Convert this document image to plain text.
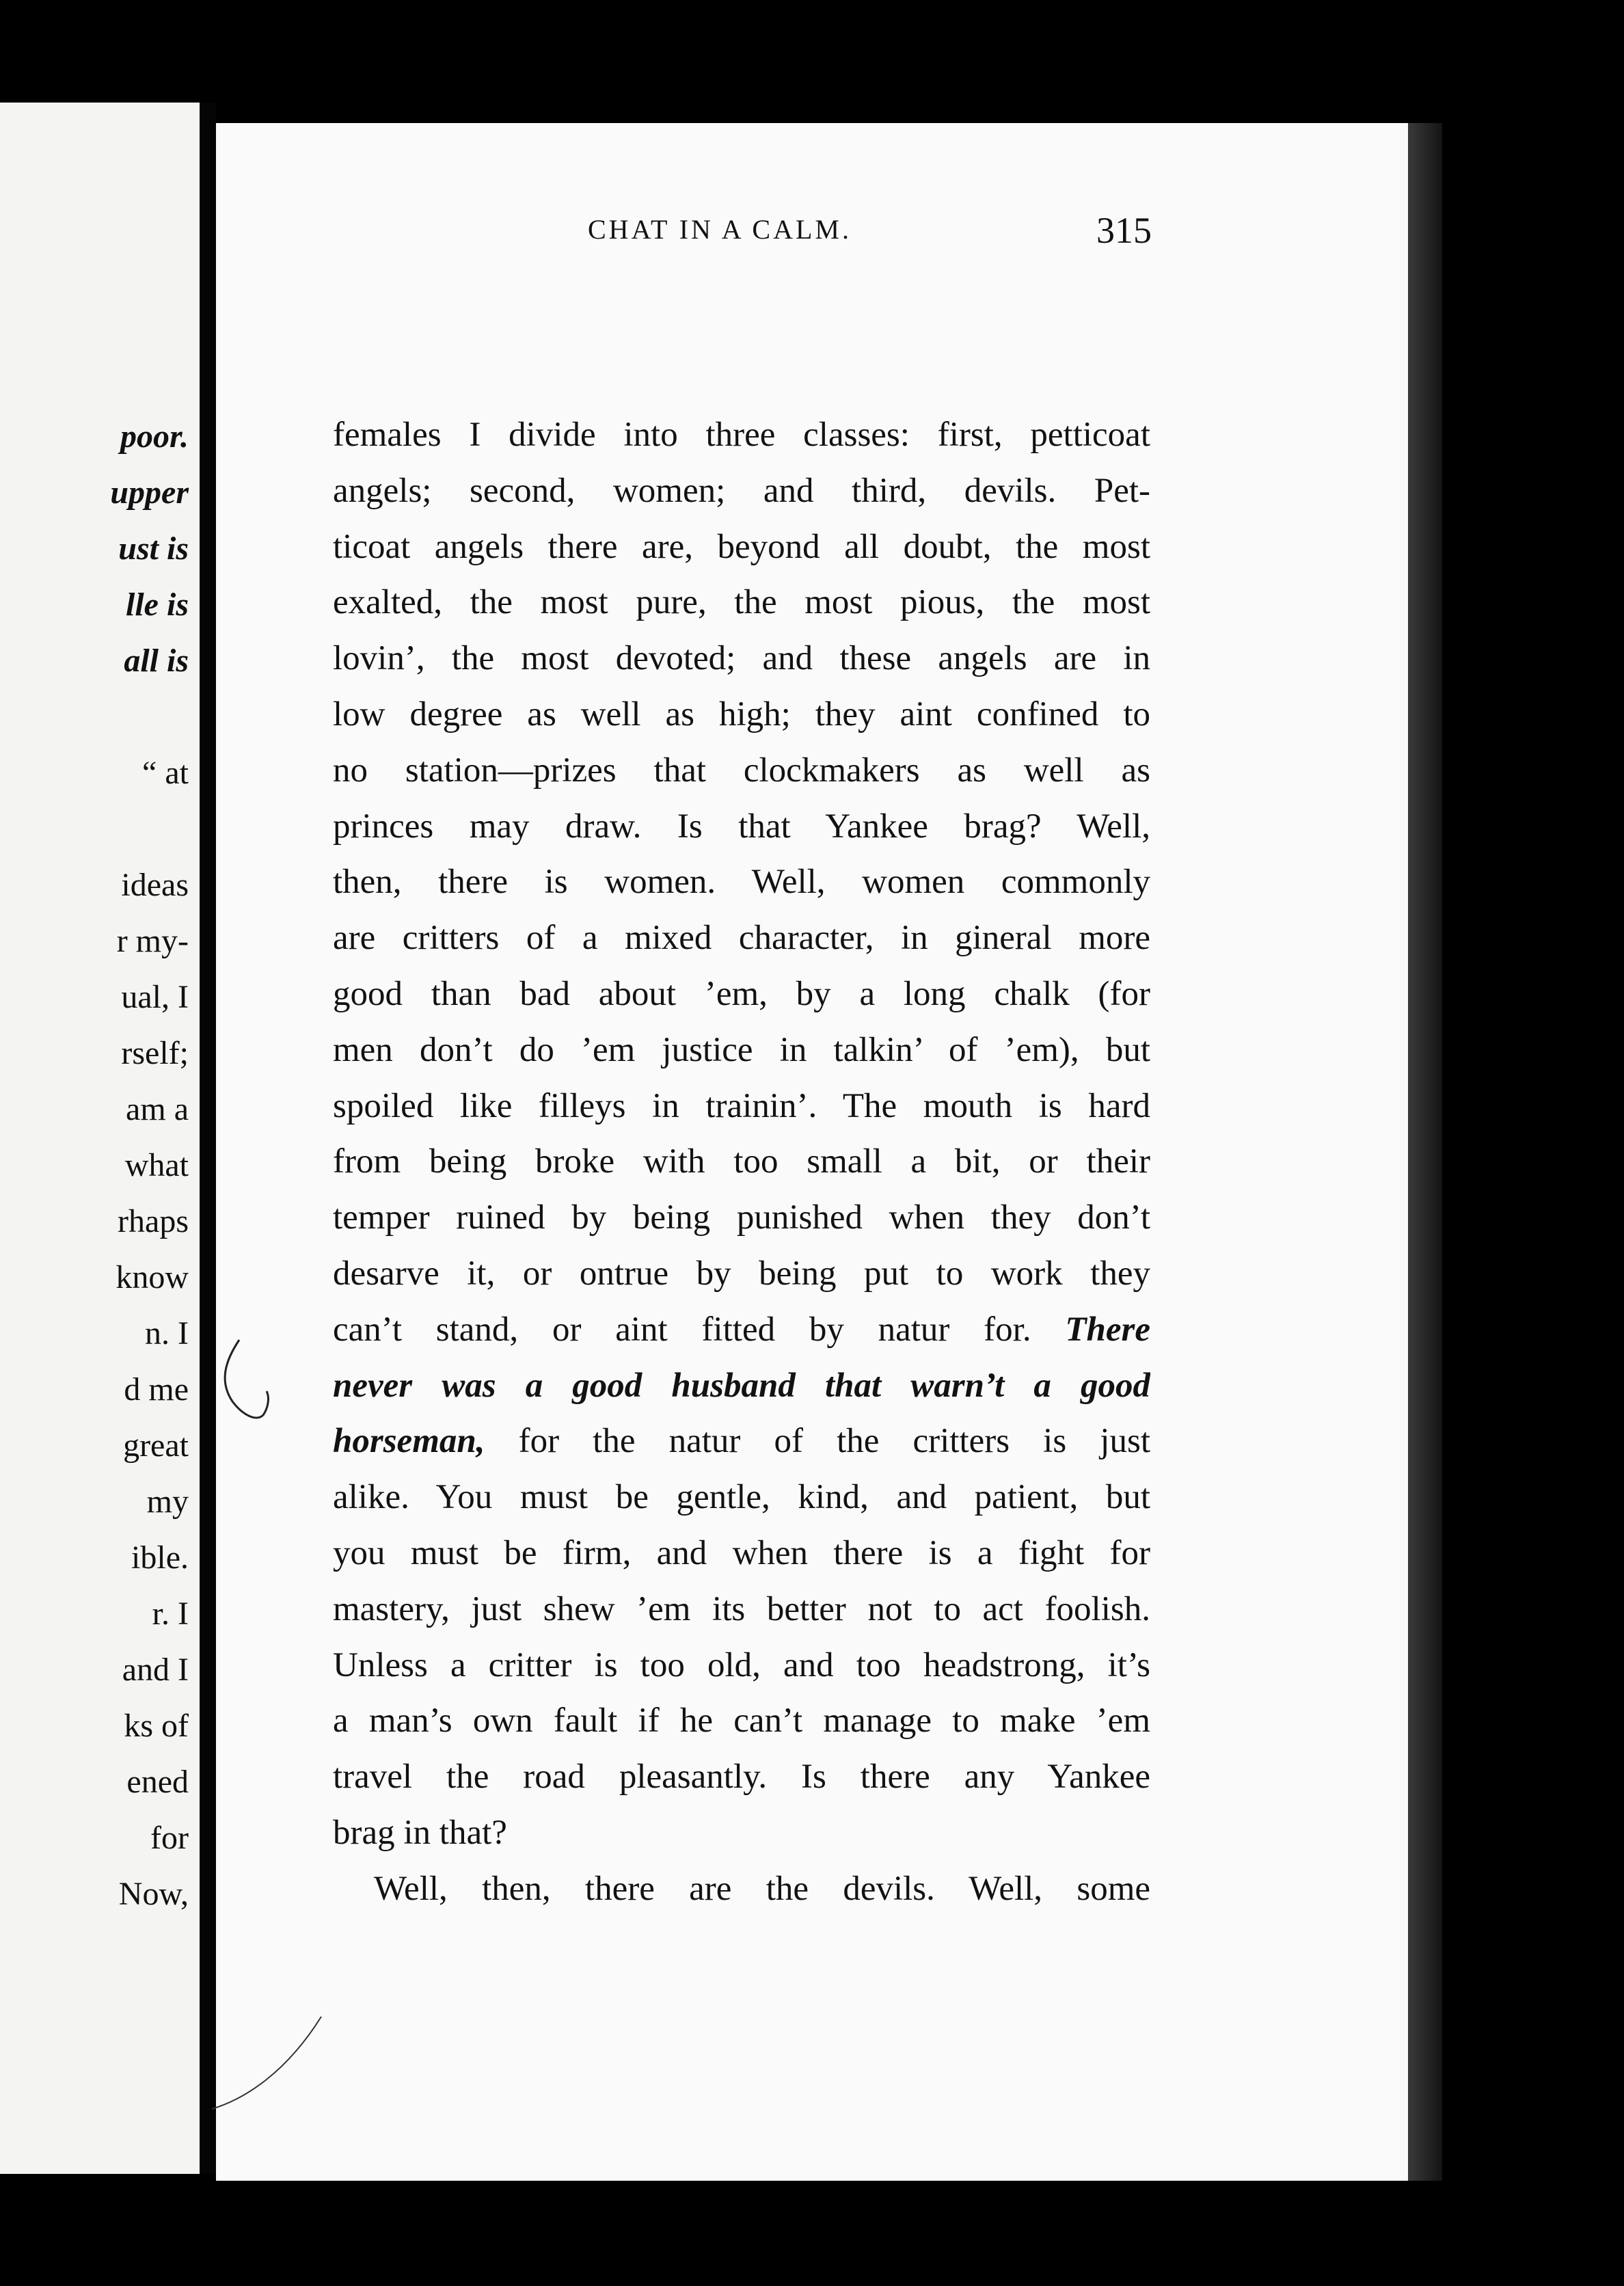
poor.
upper
ust is
lle is
all is
“ at
ideas
r my-
ual, I
rself;
am a
what
rhaps
know
n. I
d me
great
my
ible.
r. I
and I
ks of
ened
for
Now,
CHAT IN A CALM.	315
females I divide into three classes: first, petticoat
angels; second, women; and third, devils. Pet-
ticoat angels there are, beyond all doubt, the most
exalted, the most pure, the most pious, the most
lovin’, the most devoted; and these angels are in
low degree as well as high; they aint confined to
no station—prizes that clockmakers as well as
princes may draw. Is that Yankee brag? Well,
then, there is women. Well, women commonly
are critters of a mixed character, in gineral more
good than bad about ’em, by a long chalk (for
men don’t do ’em justice in talkin’ of ’em), but
spoiled like filleys in trainin’. The mouth is hard
from being broke with too small a bit, or their
temper ruined by being punished when they don’t
desarve it, or ontrue by being put to work they
can’t stand, or aint fitted by natur for. There
never was a good husband that warn’t a good
horseman, for the natur of the critters is just
alike. You must be gentle, kind, and patient, but
you must be firm, and when there is a fight for
mastery, just shew ’em its better not to act foolish.
Unless a critter is too old, and too headstrong, it’s
a man’s own fault if he can’t manage to make ’em
travel the road pleasantly. Is there any Yankee
brag in that?
Well, then, there are the devils. Well, some
